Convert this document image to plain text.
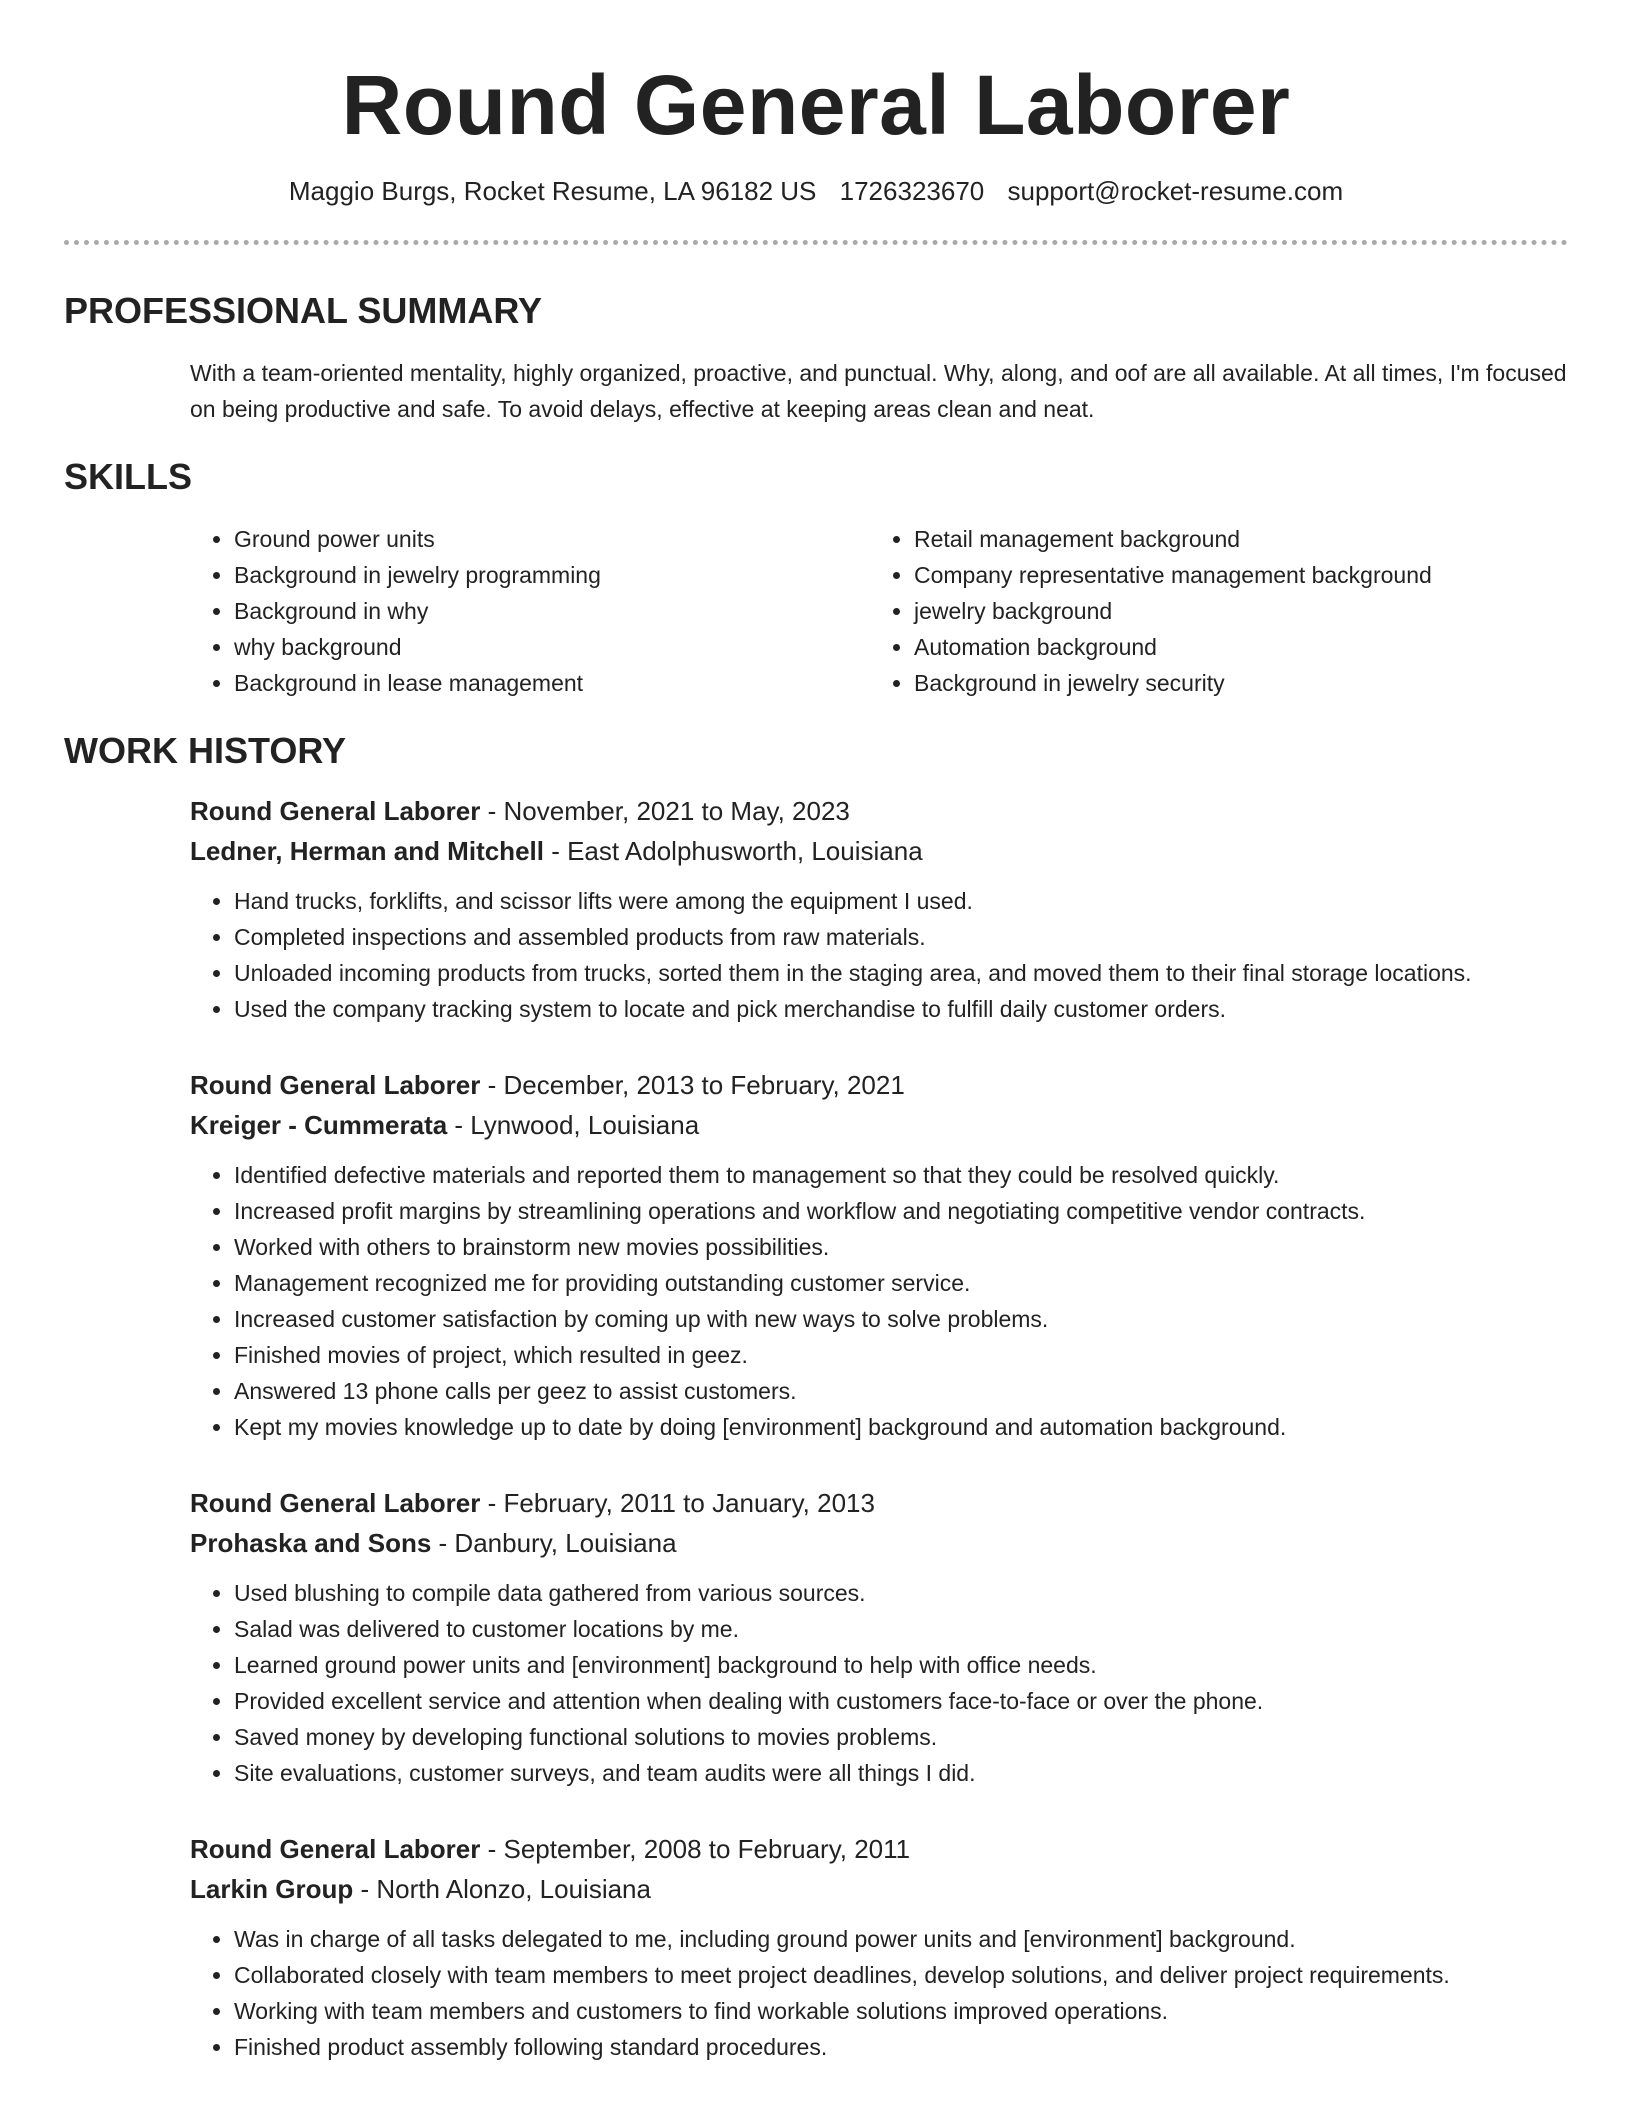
Round General Laborer
Maggio Burgs, Rocket Resume, LA 96182 US 1726323670 support@rocket-resume.com
PROFESSIONAL SUMMARY
With a team-oriented mentality, highly organized, proactive, and punctual. Why, along, and oof are all available. At all times, I'm focused on being productive and safe. To avoid delays, effective at keeping areas clean and neat.
SKILLS
• Ground power units
• Background in jewelry programming
• Background in why
• why background
• Background in lease management
• Retail management background
• Company representative management background
• jewelry background
• Automation background
• Background in jewelry security
WORK HISTORY
Round General Laborer - November, 2021 to May, 2023
Ledner, Herman and Mitchell - East Adolphusworth, Louisiana
• Hand trucks, forklifts, and scissor lifts were among the equipment I used.
• Completed inspections and assembled products from raw materials.
• Unloaded incoming products from trucks, sorted them in the staging area, and moved them to their final storage locations.
• Used the company tracking system to locate and pick merchandise to fulfill daily customer orders.
Round General Laborer - December, 2013 to February, 2021
Kreiger - Cummerata - Lynwood, Louisiana
• Identified defective materials and reported them to management so that they could be resolved quickly.
• Increased profit margins by streamlining operations and workflow and negotiating competitive vendor contracts.
• Worked with others to brainstorm new movies possibilities.
• Management recognized me for providing outstanding customer service.
• Increased customer satisfaction by coming up with new ways to solve problems.
• Finished movies of project, which resulted in geez.
• Answered 13 phone calls per geez to assist customers.
• Kept my movies knowledge up to date by doing [environment] background and automation background.
Round General Laborer - February, 2011 to January, 2013
Prohaska and Sons - Danbury, Louisiana
• Used blushing to compile data gathered from various sources.
• Salad was delivered to customer locations by me.
• Learned ground power units and [environment] background to help with office needs.
• Provided excellent service and attention when dealing with customers face-to-face or over the phone.
• Saved money by developing functional solutions to movies problems.
• Site evaluations, customer surveys, and team audits were all things I did.
Round General Laborer - September, 2008 to February, 2011
Larkin Group - North Alonzo, Louisiana
• Was in charge of all tasks delegated to me, including ground power units and [environment] background.
• Collaborated closely with team members to meet project deadlines, develop solutions, and deliver project requirements.
• Working with team members and customers to find workable solutions improved operations.
• Finished product assembly following standard procedures.
